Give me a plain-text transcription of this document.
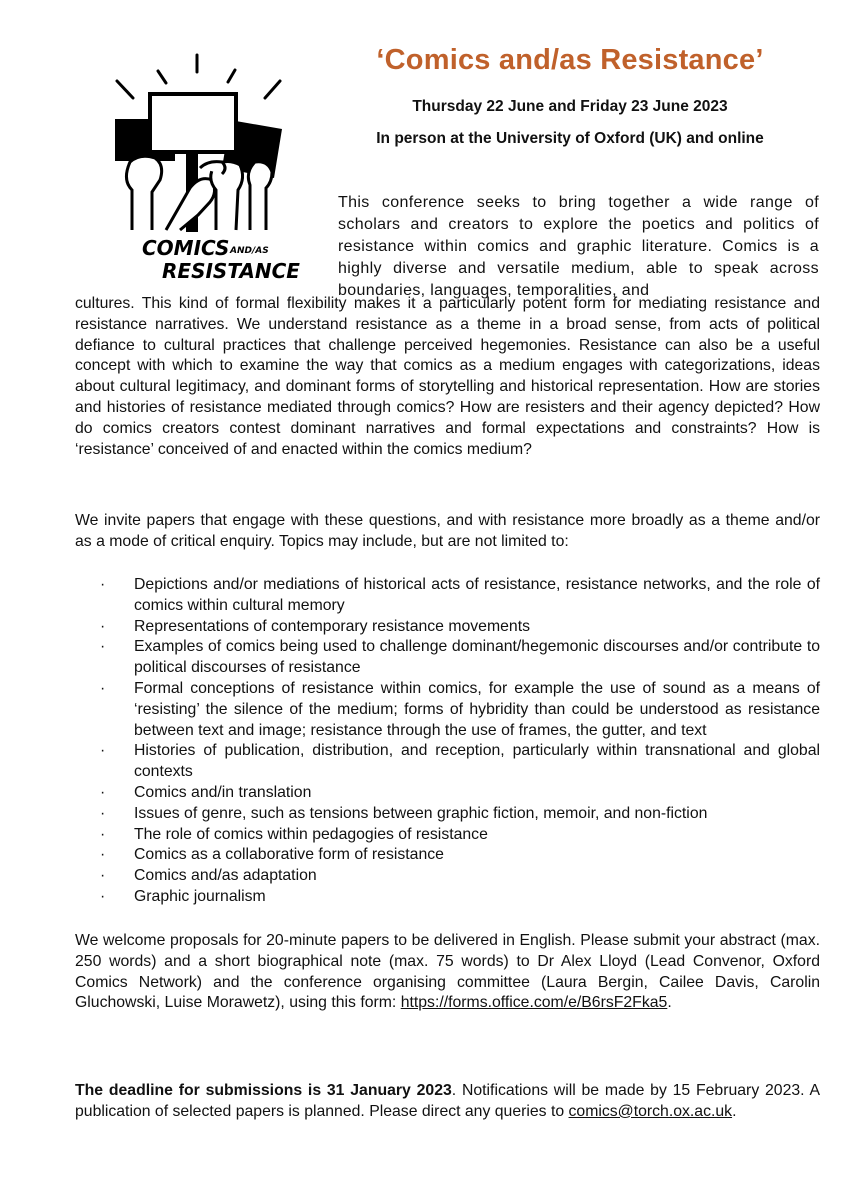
COMICS AND/AS
RESISTANCE
‘Comics and/as Resistance’
Thursday 22 June and Friday 23 June 2023
In person at the University of Oxford (UK) and online
This conference seeks to bring together a wide range of scholars and creators to explore the poetics and politics of resistance within comics and graphic literature. Comics is a highly diverse and versatile medium, able to speak across boundaries, languages, temporalities, and
cultures. This kind of formal flexibility makes it a particularly potent form for mediating resistance and resistance narratives. We understand resistance as a theme in a broad sense, from acts of political defiance to cultural practices that challenge perceived hegemonies. Resistance can also be a useful concept with which to examine the way that comics as a medium engages with categorizations, ideas about cultural legitimacy, and dominant forms of storytelling and historical representation. How are stories and histories of resistance mediated through comics? How are resisters and their agency depicted? How do comics creators contest dominant narratives and formal expectations and constraints? How is ‘resistance’ conceived of and enacted within the comics medium?
We invite papers that engage with these questions, and with resistance more broadly as a theme and/or as a mode of critical enquiry. Topics may include, but are not limited to:
· Depictions and/or mediations of historical acts of resistance, resistance networks, and the role of comics within cultural memory
· Representations of contemporary resistance movements
· Examples of comics being used to challenge dominant/hegemonic discourses and/or contribute to political discourses of resistance
· Formal conceptions of resistance within comics, for example the use of sound as a means of ‘resisting’ the silence of the medium; forms of hybridity than could be understood as resistance between text and image; resistance through the use of frames, the gutter, and text
· Histories of publication, distribution, and reception, particularly within transnational and global contexts
· Comics and/in translation
· Issues of genre, such as tensions between graphic fiction, memoir, and non-fiction
· The role of comics within pedagogies of resistance
· Comics as a collaborative form of resistance
· Comics and/as adaptation
· Graphic journalism
We welcome proposals for 20-minute papers to be delivered in English. Please submit your abstract (max. 250 words) and a short biographical note (max. 75 words) to Dr Alex Lloyd (Lead Convenor, Oxford Comics Network) and the conference organising committee (Laura Bergin, Cailee Davis, Carolin Gluchowski, Luise Morawetz), using this form: https://forms.office.com/e/B6rsF2Fka5.
The deadline for submissions is 31 January 2023. Notifications will be made by 15 February 2023. A publication of selected papers is planned. Please direct any queries to comics@torch.ox.ac.uk.
